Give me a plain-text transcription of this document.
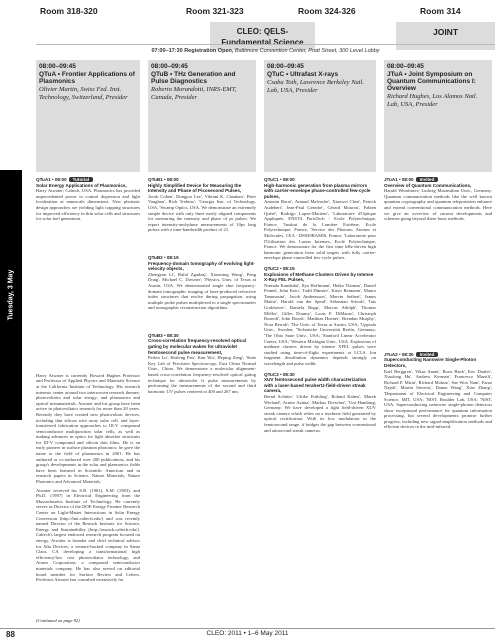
Room 318-320	Room 321-323	Room 324-326	Room 314
CLEO: QELS-
Fundamental Science
JOINT
07:00–17:30 Registration Open, Baltimore Convention Center, Pratt Street, 300 Level Lobby
Tuesday, 3 May
08:00–09:45
QTuA • Frontier Applications of Plasmonics
Olivier Martin, Swiss Fed. Inst. Technology, Switzerland, Presider
QTuA1 • 08:00 Tutorial
Solar Energy Applications of Plasmonics,
Harry Atwater; Caltech, USA. Plasmonics has provided unprecedented power to control dispersion and light localization at nanoscale dimensions. New photonic design approaches are yielding light trapping structures for improved efficiency in thin solar cells and structures for solar fuel generation.
Harry Atwater is currently Howard Hughes Professor and Professor of Applied Physics and Materials Science at the California Institute of Technology. His research interests center around two interwoven research themes: photovoltaics and solar energy; and plasmonics and optical metamaterials. Atwater and his group have been active in photovoltaics research for more than 20 years. Recently they have created new photovoltaic devices, including thin silicon wire array solar cell, and layer-transferred fabrication approaches to III-V compound semiconductor multijunction solar cells, as well as making advances in optics for light absorber structures for III-V compound and silicon thin films. He is an early pioneer in surface plasmon photonics; he gave the name to the field of plasmonics in 2001. He has authored or co-authored over 200 publications, and his group's developments in the solar and plasmonics fields have been featured in Scientific American and in research papers in Science, Nature Materials, Nature Photonics and Advanced Materials.
Atwater received his S.B. (1981), S.M. (1983), and Ph.D. (1987) in Electrical Engineering from the Massachusetts Institute of Technology. He currently serves as Director of the DOE Energy Frontier Research Center on Light-Matter Interactions in Solar Energy Conversion (http://lmi.caltech.edu/) and was recently named Director of the Resnick Institute for Science, Energy and Sustainability (http://resnick.caltech.edu/). Caltech's largest endowed research program focused on energy. Atwater is founder and chief technical advisor for Alta Devices, a venture-backed company in Santa Clara, CA developing a transformational high efficiency/low cost photovoltaics technology, and Aonex Corporation, a compound semiconductor materials company. He has also served on editorial board member for Surface Review and Letters. Professor Atwater has consulted extensively for
(Continued on page 92)
08:00–09:45
QTuB • THz Generation and Pulse Diagnostics
Roberto Morandotti, INRS-EMT, Canada, Presider
QTuB1 • 08:00
Highly Simplified Device for Measuring the Intensity and Phase of Picosecond Pulses,
Jacob Cohen', Dongjoo Lee', Vikrant K. Chauhan', Peter Vaughan', Rick Trebino'; 'Georgia Inst. of Technology, USA, 'Swamp Optics, USA. We demonstrate an extremely simple device with only three easily aligned components for measuring the intensity and phase of ps pulses. We report intensity-and-phase measurements of 10ps long pulses with a time-bandwidth product of 21.
QTuB2 • 08:15
Frequency-domain tomography of evolving light-velocity objects,
Zhengyan Li', Rafal Zgadzaj', Xiaoming Wang', Peng Dong', Michael C. Downer'; 'Physics, Univ. of Texas at Austin, USA. We demonstrated single shot frequency-domain tomographic imaging of laser-produced refractive index structures that evolve during propagation, using multiple probe pulses multiplexed to a single spectrometer and tomographic reconstruction algorithms.
QTuB3 • 08:30
Cross-correlation frequency-resolved optical gating by molecular wakes for ultraviolet femtosecond pulse measurement,
Peifen Lu', Haifeng Pan', Kun Wu', Heping Zeng'; 'State Key Lab of Precision Spectroscopy, East China Normal Univ., China. We demonstrate a molecular alignment-based cross-correlation frequency-resolved optical gating technique for ultraviolet fs pulse measurements by performing the measurements of the second and third harmonic UV pulses centered at 400 and 267 nm.
08:00–09:45
QTuC • Ultrafast X-rays
Csaba Toth, Lawrence Berkeley Natl. Lab, USA, Presider
QTuC1 • 08:00
High-harmonic generation from plasma mirrors with carrier-envelope phase-controlled few-cycle pulses,
Antonin Borot', Arnaud Malvache', Xiaowei Chen', Patrick Audebert', Jean-Paul Geindre', Gérard Mourou', Fabien Quéré', Rodrigo Lopez-Martens'; 'Laboratoire d'Optique Appliquée, ENSTA ParisTech - Ecole Polytechnique, France, 'Institut de la Lumière Extrême, Ecole Polytechnique, France, 'Service des Photons, Atomes et Molecules, CEA - DSM/IRAMIS, France, 'Laboratoire pour l'Utilisation des Lasers Intenses, Ecole Polytechnique, France. We demonstrate for the first time kHz-driven high harmonic generation from solid targets with fully carrier-envelope phase-controlled few-cycle pulses.
QTuC2 • 08:15
Explosions of Methane Clusters Driven by Intense X-Ray FEL Pulses,
Nirmala Kandadai', Ilya Hoffmann', Heiko Thomas', Daniel Fennel, John Keto', Todd Ditmire', Kristi Reimann', Mauro Tammasini', Jacob Andreasson', Marvin Seibert', James Mattie', Harald van der Speul', Sebastian Schorb', Tais Gorkhover', Daniela Rupp', Marcus Adolph', Thomas Möller', Gilles Doumy', Louis F. DiMauro', Christoph Bostedt', John Bozek', Matthias Hoener', Brendan Murphy', Nora Berrah'; 'The Univ. of Texas at Austin, USA; 'Uppsala Univ., Sweden; 'Technische Universität Berlin, Germany; 'The Ohio State Univ., USA; 'Stanford Linear Accelerator Center, USA; 'Western Michigan Univ., USA. Explosions of methane clusters driven by intense XFEL pulses were studied using time-of-flight experiments at LCLS. Ion fragment distribution dynamics depends strongly on wavelength and pulse width.
QTuC3 • 08:30
XUV femtosecond pulse width characterization with a laser-based terahertz-field-driven streak camera,
Bernd Schütte', Ulrike Frühling', Roland Kalms', Marek Wieland', Armin Azima', Markus Drescher'; 'Uni Hamburg, Germany. We have developed a light field-driven XUV streak camera which relies on a terahertz field generated by optical rectification. With its low modulation in the femtosecond range, it bridges the gap between conventional and attosecond streak cameras.
08:00–09:45
JTuA • Joint Symposium on Quantum Communications I: Overview
Richard Hughes, Los Alamos Natl. Lab, USA, Presider
JTuA1 • 08:00 Invited
Overview of Quantum Communications,
Harald Weinfurter; Ludwig Maximilian Univ., Germany. Quantum communication methods like the well known quantum cryptography and quantum teleportation enhance and extend conventional communication methods. Here we give an overview of current developments and schemes going beyond these basic methods.
JTuA2 • 08:30 Invited
Superconducting Nanowire Single-Photon Detectors,
Karl Berggren', Vikas Anant', Boris Baek', Eric Dauler', Xiaolong Hu', Andrew Kerman', Francesco Marsili', Richard P. Mirin', Richard Molnar', Sae Woo Nam', Faraz Najafi', Martin Stevens', Danna Wang', Xiao Zhang'; 'Department of Electrical Engineering and Computer Science, MIT, USA; 'NIST, Boulder Lab, USA; 'NIST, USA. Superconducting nanowire single-photon detectors show exceptional performance for quantum information processing, but several developments promise further progress, including new signal-amplification methods and efficient devices in the mid-infrared.
88	CLEO: 2011 • 1–6 May 2011
